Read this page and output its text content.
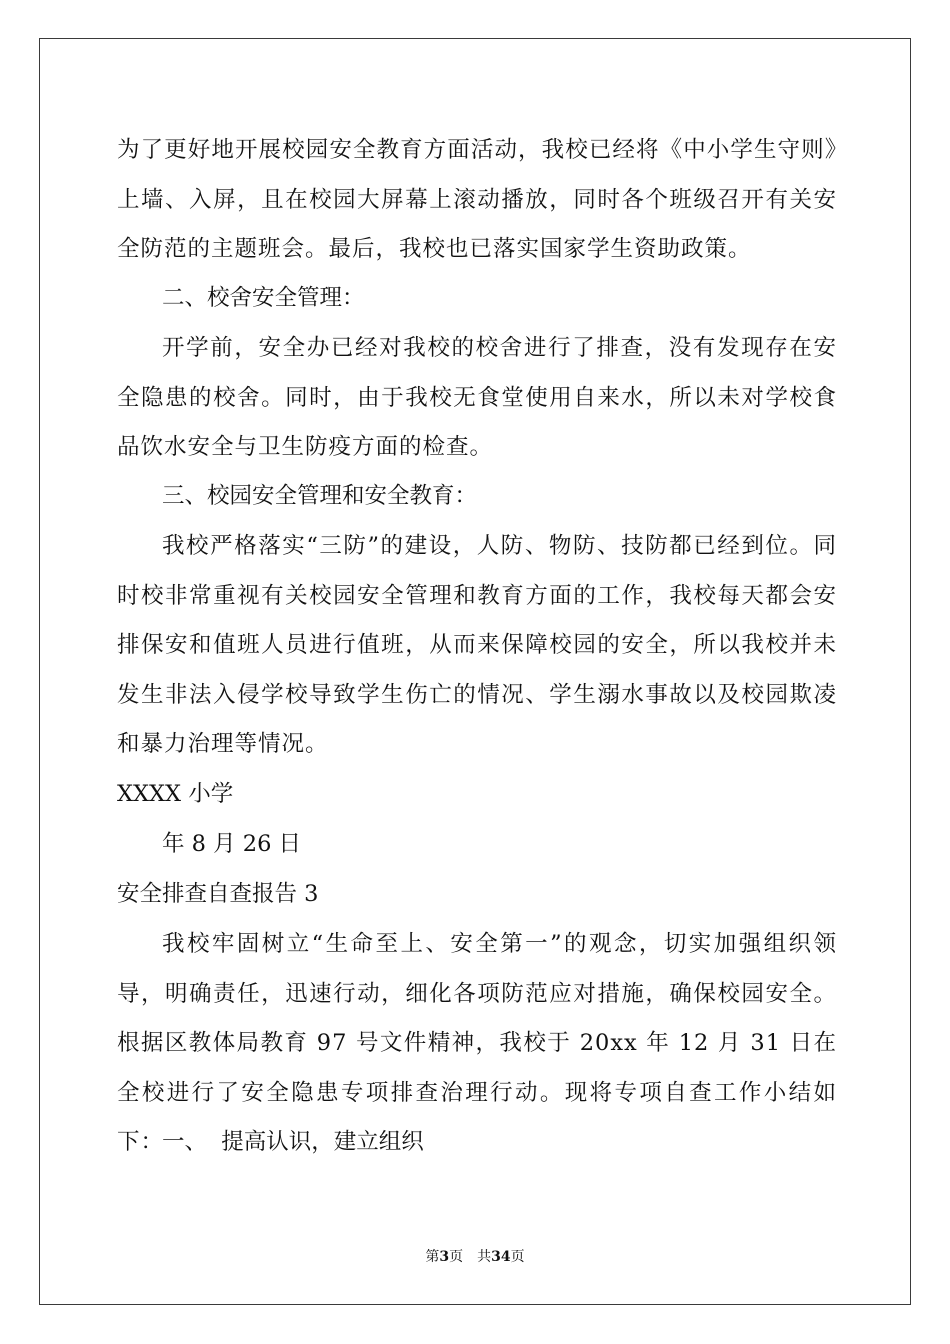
为了更好地开展校园安全教育方面活动，我校已经将《中小学生守则》上墙、入屏，且在校园大屏幕上滚动播放，同时各个班级召开有关安全防范的主题班会。最后，我校也已落实国家学生资助政策。

二、校舍安全管理：

开学前，安全办已经对我校的校舍进行了排查，没有发现存在安全隐患的校舍。同时，由于我校无食堂使用自来水，所以未对学校食品饮水安全与卫生防疫方面的检查。

三、校园安全管理和安全教育：

我校严格落实“三防”的建设，人防、物防、技防都已经到位。同时校非常重视有关校园安全管理和教育方面的工作，我校每天都会安排保安和值班人员进行值班，从而来保障校园的安全，所以我校并未发生非法入侵学校导致学生伤亡的情况、学生溺水事故以及校园欺凌和暴力治理等情况。

XXXX 小学

年 8 月 26 日

安全排查自查报告 3

我校牢固树立“生命至上、安全第一”的观念，切实加强组织领导，明确责任，迅速行动，细化各项防范应对措施，确保校园安全。根据区教体局教育 97 号文件精神，我校于 20xx 年 12 月 31 日在全校进行了安全隐患专项排查治理行动。现将专项自查工作小结如下：

一、  提高认识，建立组织

第3页　共34页
